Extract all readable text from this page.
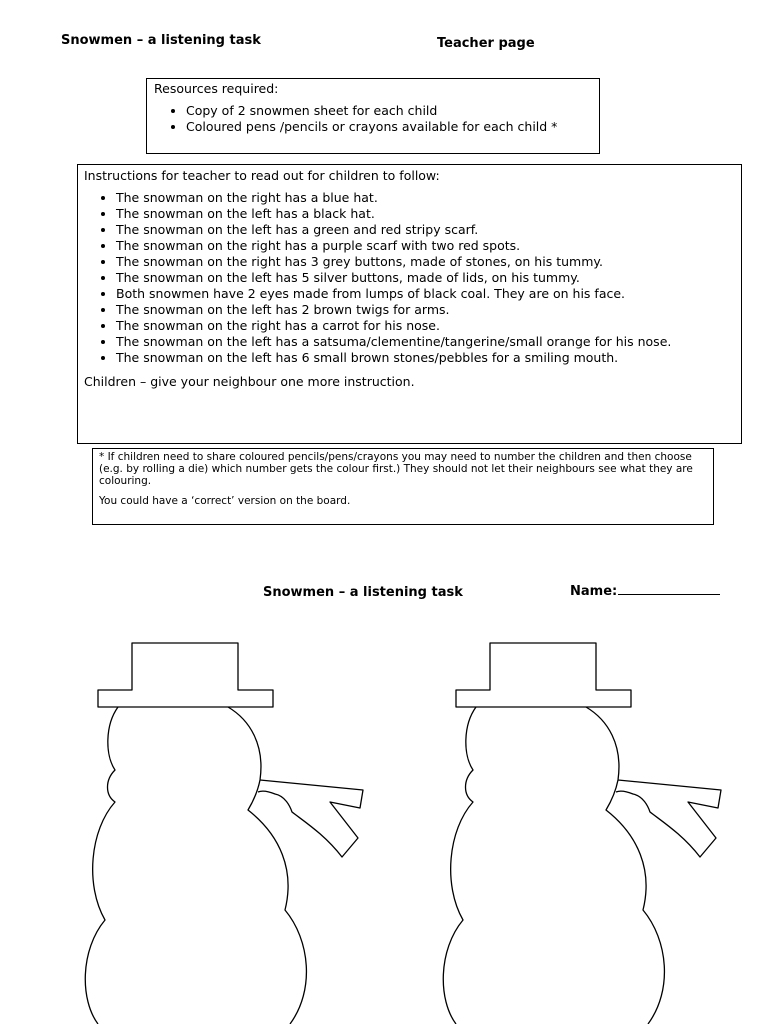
Snowmen – a listening task	Teacher page
Resources required:
• Copy of 2 snowmen sheet for each child
• Coloured pens /pencils or crayons available for each child *
Instructions for teacher to read out for children to follow:
• The snowman on the right has a blue hat.
• The snowman on the left has a black hat.
• The snowman on the left has a green and red stripy scarf.
• The snowman on the right has a purple scarf with two red spots.
• The snowman on the right has 3 grey buttons, made of stones, on his tummy.
• The snowman on the left has 5 silver buttons, made of lids, on his tummy.
• Both snowmen have 2 eyes made from lumps of black coal. They are on his face.
• The snowman on the left has 2 brown twigs for arms.
• The snowman on the right has a carrot for his nose.
• The snowman on the left has a satsuma/clementine/tangerine/small orange for his nose.
• The snowman on the left has 6 small brown stones/pebbles for a smiling mouth.
Children – give your neighbour one more instruction.

* If children need to share coloured pencils/pens/crayons you may need to number the children and then choose (e.g. by rolling a die) which number gets the colour first.) They should not let their neighbours see what they are colouring.

You could have a ‘correct’ version on the board.

Snowmen – a listening task	Name:
